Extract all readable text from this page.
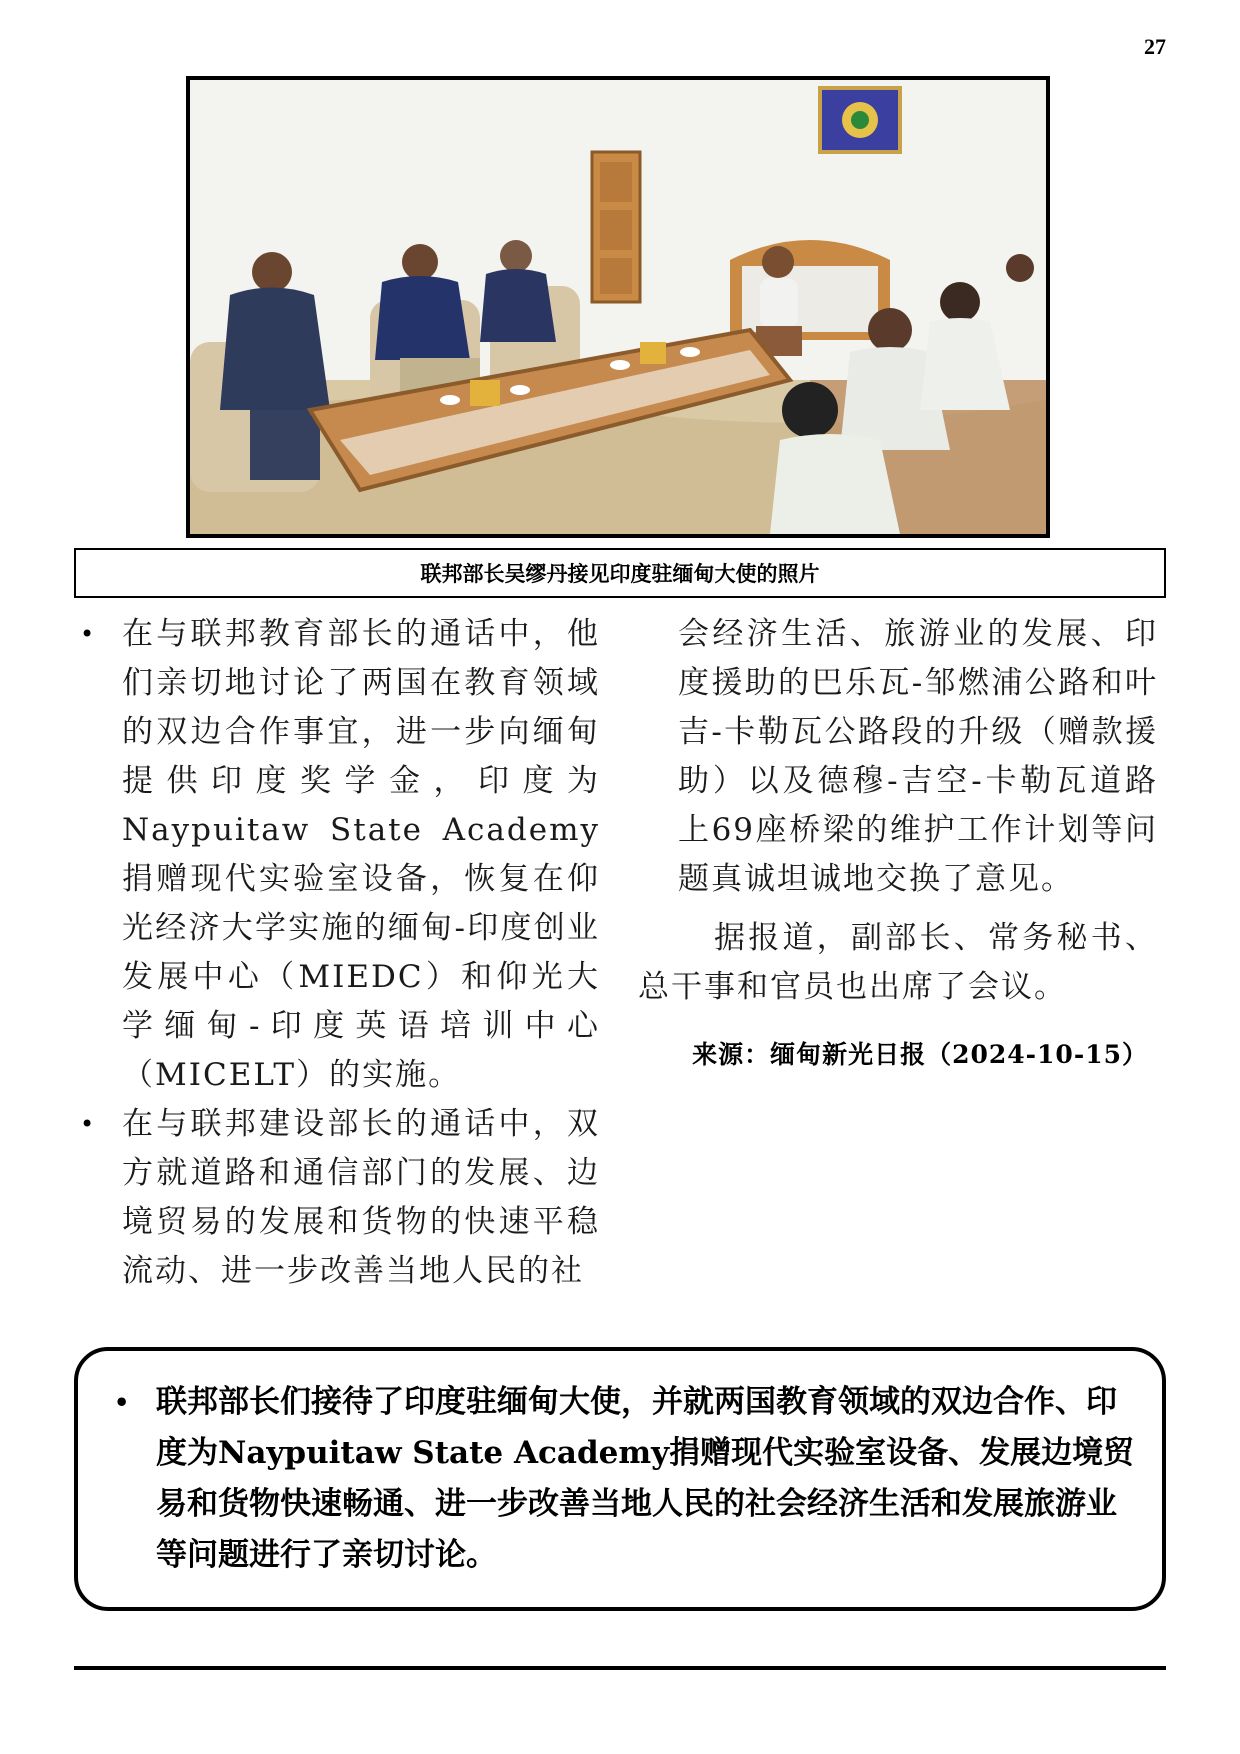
27
联邦部长吴缪丹接见印度驻缅甸大使的照片

• 在与联邦教育部长的通话中，他们亲切地讨论了两国在教育领域的双边合作事宜，进一步向缅甸提供印度奖学金，印度为Naypuitaw State Academy捐赠现代实验室设备，恢复在仰光经济大学实施的缅甸-印度创业发展中心（MIEDC）和仰光大学缅甸-印度英语培训中心（MICELT）的实施。

• 在与联邦建设部长的通话中，双方就道路和通信部门的发展、边境贸易的发展和货物的快速平稳流动、进一步改善当地人民的社

会经济生活、旅游业的发展、印度援助的巴乐瓦-邹燃浦公路和叶吉-卡勒瓦公路段的升级（赠款援助）以及德穆-吉空-卡勒瓦道路上69座桥梁的维护工作计划等问题真诚坦诚地交换了意见。

据报道，副部长、常务秘书、总干事和官员也出席了会议。

来源：缅甸新光日报（2024-10-15）

• 联邦部长们接待了印度驻缅甸大使，并就两国教育领域的双边合作、印度为Naypuitaw State Academy捐赠现代实验室设备、发展边境贸易和货物快速畅通、进一步改善当地人民的社会经济生活和发展旅游业等问题进行了亲切讨论。
